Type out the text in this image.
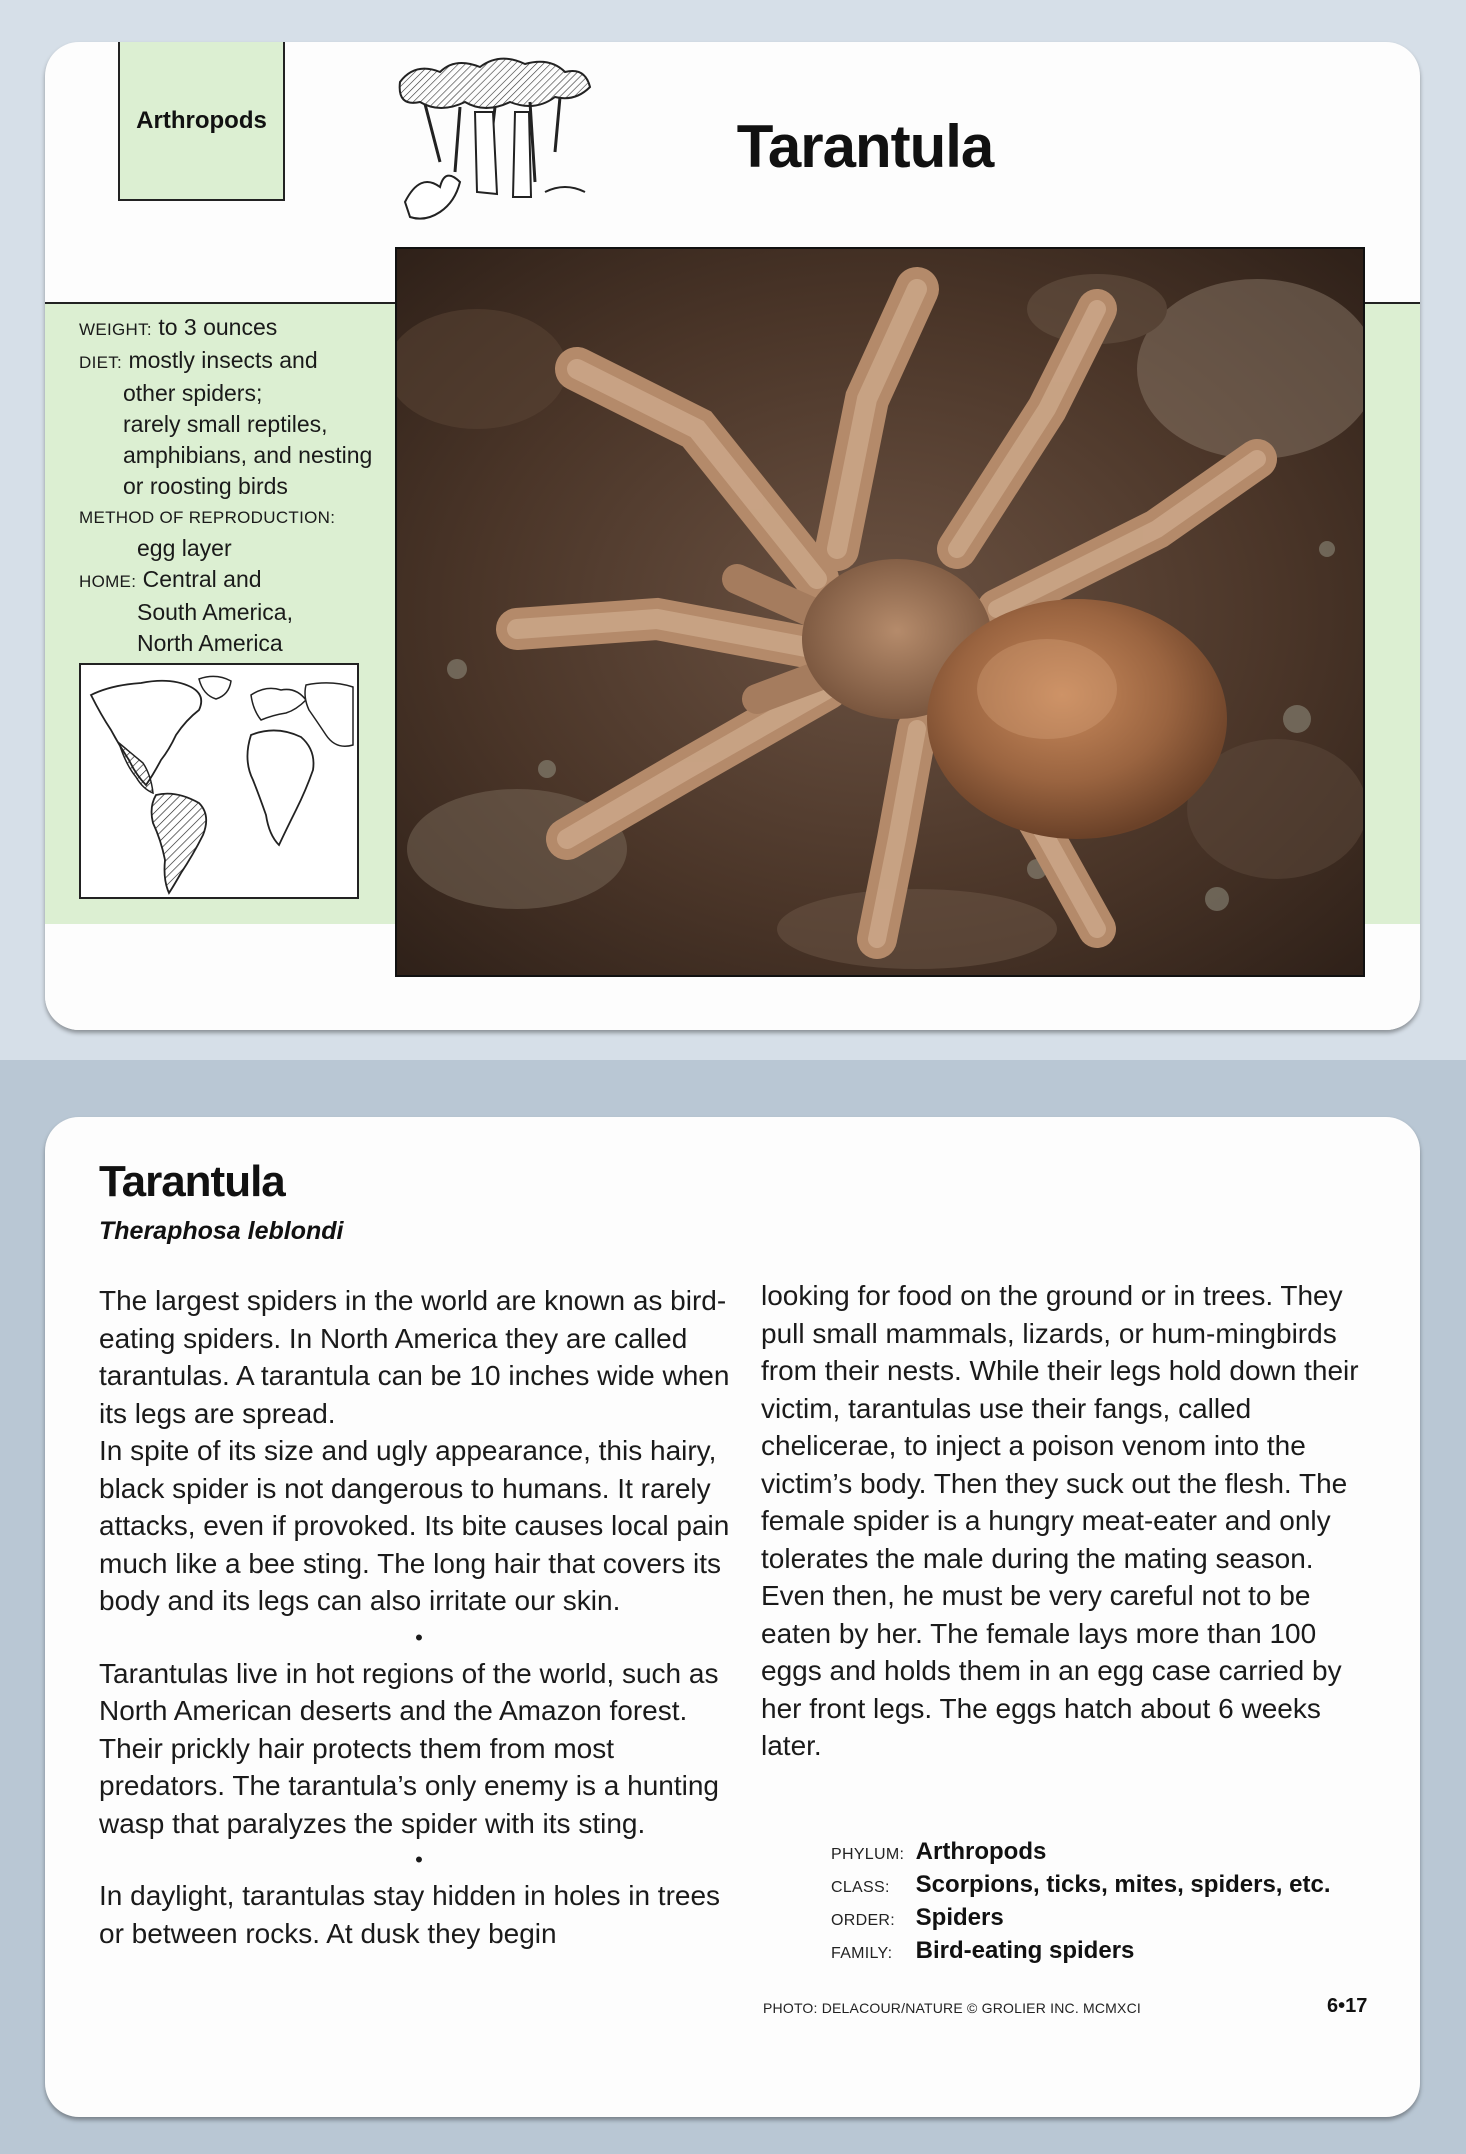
Arthropods	Tarantula
WEIGHT: to 3 ounces
DIET: mostly insects and
other spiders;
rarely small reptiles,
amphibians, and nesting
or roosting birds
METHOD OF REPRODUCTION:
egg layer
HOME: Central and
South America,
North America
Tarantula
Theraphosa leblondi

The largest spiders in the world are known as bird-eating spiders. In North America they are called tarantulas. A tarantula can be 10 inches wide when its legs are spread.

In spite of its size and ugly appearance, this hairy, black spider is not dangerous to humans. It rarely attacks, even if provoked. Its bite causes local pain much like a bee sting. The long hair that covers its body and its legs can also irritate our skin.

•

Tarantulas live in hot regions of the world, such as North American deserts and the Amazon forest. Their prickly hair protects them from most predators. The tarantula’s only enemy is a hunting wasp that paralyzes the spider with its sting.

•

In daylight, tarantulas stay hidden in holes in trees or between rocks. At dusk they begin

looking for food on the ground or in trees. They pull small mammals, lizards, or hum-mingbirds from their nests. While their legs hold down their victim, tarantulas use their fangs, called chelicerae, to inject a poison venom into the victim’s body. Then they suck out the flesh. The female spider is a hungry meat-eater and only tolerates the male during the mating season. Even then, he must be very careful not to be eaten by her. The female lays more than 100 eggs and holds them in an egg case carried by her front legs. The eggs hatch about 6 weeks later.

PHYLUM: Arthropods
CLASS: Scorpions, ticks, mites, spiders, etc.
ORDER: Spiders
FAMILY: Bird-eating spiders
PHOTO: DELACOUR/NATURE © GROLIER INC. MCMXCI	6•17
